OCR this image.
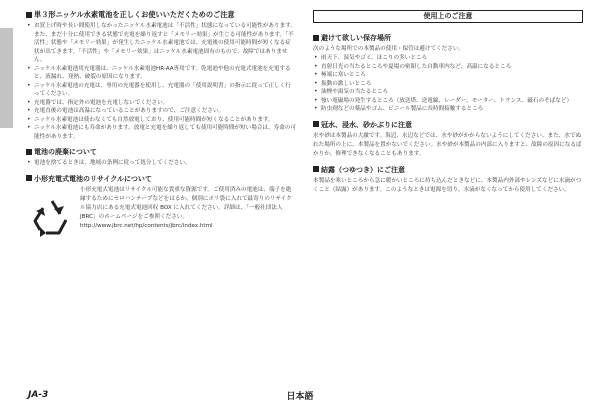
単３形ニッケル水素電池を正しくお使いいただくためのご注意
• お買上げ時や長い間使用しなかったニッケル水素電池は「不活性」状態になっている可能性があります。また、まだ十分に使用できる状態で充電を繰り返すと「メモリー効果」が生じる可能性があります。「不活性」状態や「メモリー効果」が発生したニッケル水素電池では、充電後の使用可能時間が短くなる症状が出てきます。「不活性」や「メモリー効果」はニッケル水素電池固有のもので、故障ではありません。
• ニッケル水素電池用充電器は、ニッケル水素電池HR-AA専用です。乾電池や他の充電式電池を充電すると、液漏れ、発熱、破裂の原因になります。
• ニッケル水素電池の充電は、専用の充電器を使用し、充電器の「使用説明書」の指示に従って正しく行ってください。
• 充電器では、指定外の電池を充電しないでください。
• 充電直後の電池は高温になっていることがありますので、ご注意ください。
• ニッケル水素電池は使わなくても自然放電しており、使用可能時間が短くなることがあります。
• ニッケル水素電池にも寿命があります。放電と充電を繰り返しても使用可能時間が短い場合は、寿命の可能性があります。
電池の廃棄について
• 電池を捨てるときは、地域の条例に従って処分してください。
小形充電式電池のリサイクルについて
小形充電式電池はリサイクル可能な貴重な資源です。ご使用済みの電池は、端子を絶縁するためにセロハンテープなどをはるか、個別にポリ袋に入れて最寄りのリサイクル協力店にある充電式電池回収 BOX に入れてください。詳細は、「一般社団法人 JBRC」のホームページをご参照ください。http://www.jbrc.net/hp/contents/jbrc/index.html
使用上のご注意
避けて欲しい保存場所

次のような場所での本製品の使用・保管は避けてください。

• 雨天下、湿気やゴミ、ほこりの多いところ
• 直射日光の当たるところや夏場の密閉した自動車内など、高温になるところ
• 極端に寒いところ
• 振動の激しいところ
• 油煙や湯気の当たるところ
• 強い電磁場の発生するところ（放送塔、送電線、レーダー、モーター、トランス、磁石のそばなど）
• 防虫剤などの薬品やゴム、ビニール製品に長時間接触するところ
冠水、浸水、砂かぶりに注意

水や砂は本製品の大敵です。海辺、水辺などでは、水や砂がかからないようにしてください。また、水でぬれた場所の上に、本製品を置かないでください。水や砂が本製品の内部に入りますと、故障の原因になるばかりか、修理できなくなることもあります。

結露（つゆつき）にご注意

本製品を寒いところから急に暖かいところに持ち込んだときなどに、本製品内外部やレンズなどに水滴がつくこと（結露）があります。このようなときは電源を切り、水滴がなくなってから使用してください。

JA-3	日本語
